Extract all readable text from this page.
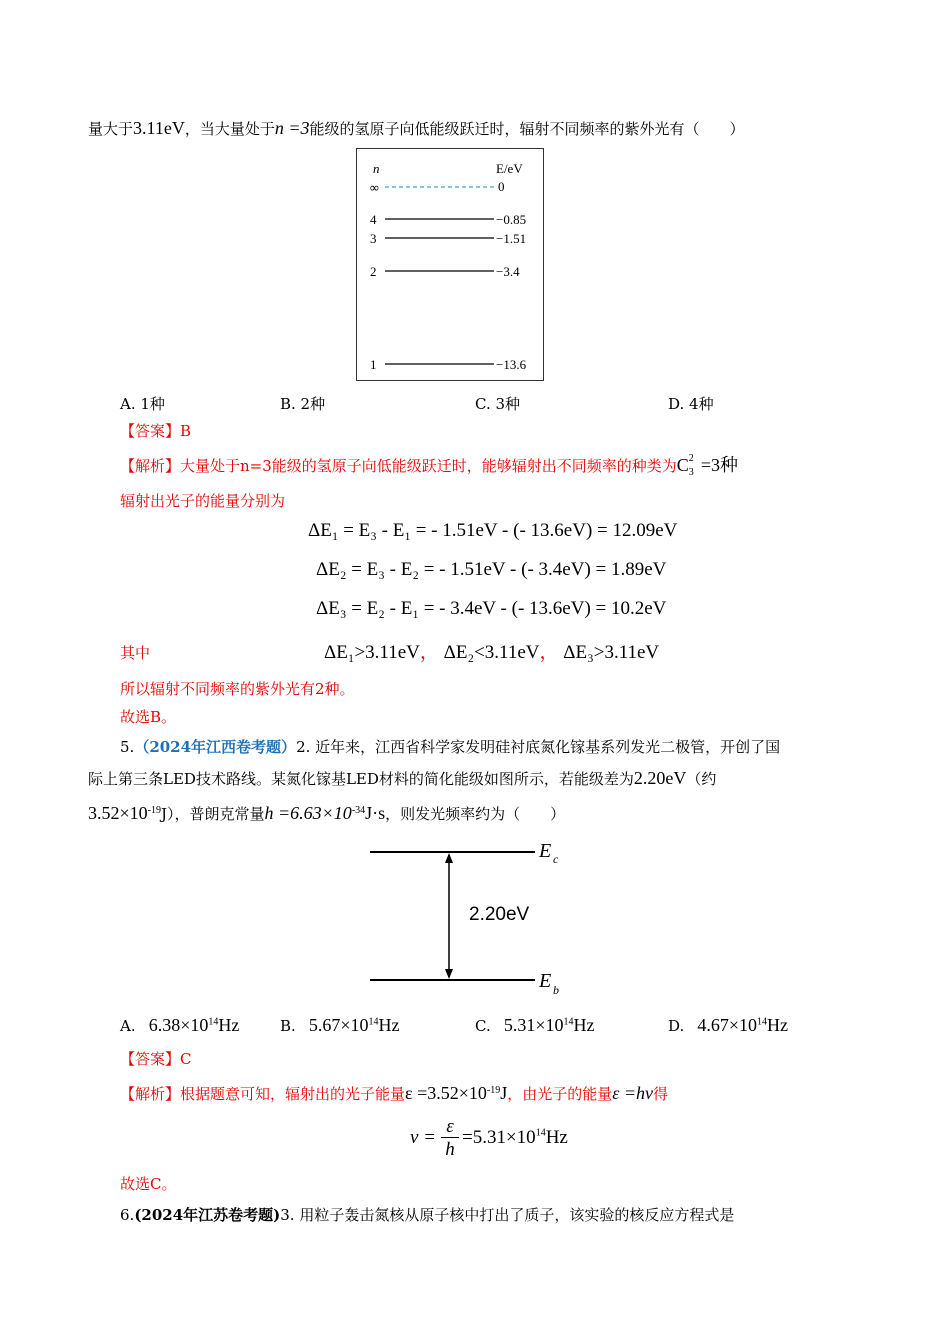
量大于3.11eV，当大量处于n =3能级的氢原子向低能级跃迁时，辐射不同频率的紫外光有（　　）
n	E/eV
∞	0
4	−0.85
3	−1.51
2	−3.4
1	−13.6
A. 1种	B. 2种	C. 3种	D. 4种
【答案】B
【解析】大量处于n=3能级的氢原子向低能级跃迁时，能够辐射出不同频率的种类为C 2
3 =3种
辐射出光子的能量分别为
ΔE₁ = E₃ - E₁ = - 1.51eV - (- 13.6eV) = 12.09eV
ΔE₂ = E₃ - E₂ = - 1.51eV - (- 3.4eV) = 1.89eV
ΔE₃ = E₂ - E₁ = - 3.4eV - (- 13.6eV) = 10.2eV
其中	ΔE₁>3.11eV， ΔE₂<3.11eV， ΔE₃>3.11eV
所以辐射不同频率的紫外光有2种。
故选B。
5.（2024年江西卷考题）2. 近年来，江西省科学家发明硅衬底氮化镓基系列发光二极管，开创了国
际上第三条LED技术路线。某氮化镓基LED材料的简化能级如图所示，若能级差为2.20eV（约
$3.52\times 10^{-19}J$），普朗克常量$h =6.63\times 10^{-34}J\cdot s$，则发光频率约为（　　）
2.20eV
E c
E b
A. $6.38\times 10^{14}Hz$	B. $5.67\times 10^{14}Hz$	C. $5.31\times 10^{14}Hz$	D. $4.67\times 10^{14}Hz$
【答案】C
【解析】根据题意可知，辐射出的光子能量$\varepsilon =3.52\times 10^{-19}J$，由光子的能量ε =hν得
ν =
ε
h
$=5.31\times 10^{14}Hz$
故选C。
6.(2024年江苏卷考题)3. 用粒子轰击氮核从原子核中打出了质子，该实验的核反应方程式是
